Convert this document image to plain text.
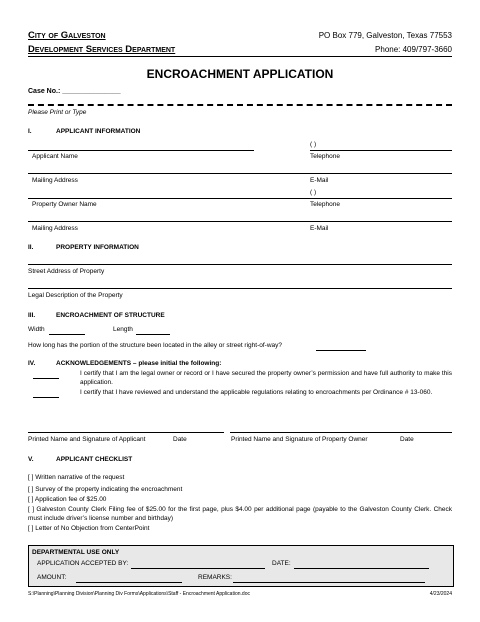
City of Galveston
Development Services Department
PO Box 779, Galveston, Texas 77553
Phone: 409/797-3660
ENCROACHMENT APPLICATION
Case No.: _______________
Please Print or Type
I.	APPLICANT INFORMATION
( )
Applicant Name	Telephone
Mailing Address	E-Mail
( )
Property Owner Name	Telephone
Mailing Address	E-Mail
II.	PROPERTY INFORMATION
Street Address of Property
Legal Description of the Property
III.	ENCROACHMENT OF STRUCTURE
Width	Length
How long has the portion of the structure been located in the alley or street right-of-way?
IV.	ACKNOWLEDGEMENTS – please initial the following:
I certify that I am the legal owner or record or I have secured the property owner’s permission and have full authority to make this application.
I certify that I have reviewed and understand the applicable regulations relating to encroachments per Ordinance # 13-060.
Printed Name and Signature of Applicant	Date	Printed Name and Signature of Property Owner	Date
V.	APPLICANT CHECKLIST
[ ] Written narrative of the request
[ ] Survey of the property indicating the encroachment
[ ] Application fee of $25.00
[ ] Galveston County Clerk Filing fee of $25.00 for the first page, plus $4.00 per additional page (payable to the Galveston County Clerk. Check must include driver’s license number and birthday)
[ ] Letter of No Objection from CenterPoint
DEPARTMENTAL USE ONLY
APPLICATION ACCEPTED BY:	DATE:
AMOUNT:	REMARKS:
S:\Planning\Planning Division\Planning Div Forms\Applications\Staff - Encroachment Application.doc	4/23/2024
